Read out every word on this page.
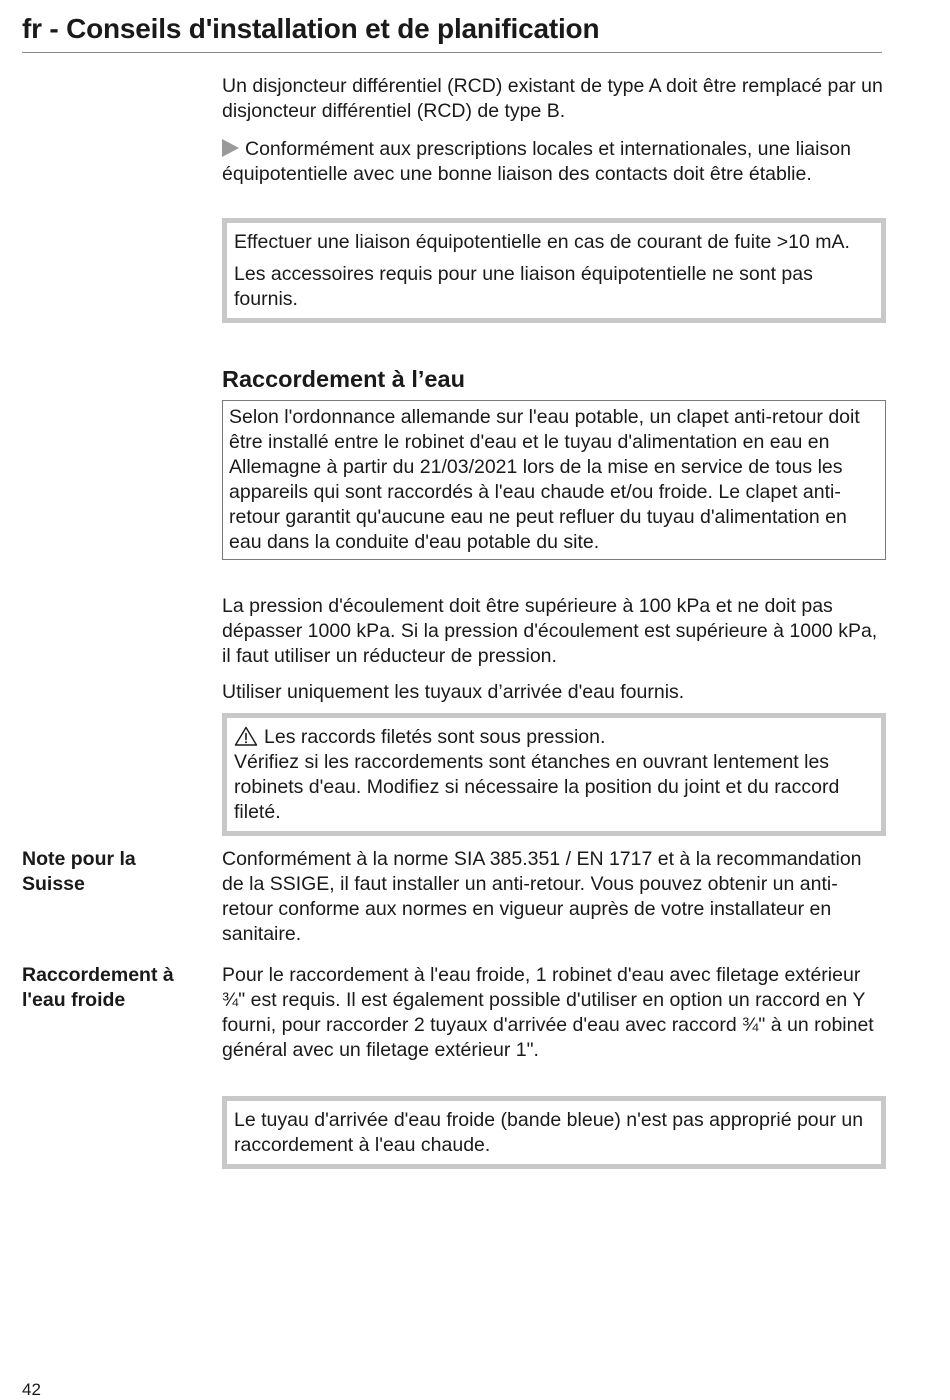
fr - Conseils d'installation et de planification

Un disjoncteur différentiel (RCD) existant de type A doit être remplacé par un disjoncteur différentiel (RCD) de type B.

Conformément aux prescriptions locales et internationales, une liaison équipotentielle avec une bonne liaison des contacts doit être établie.

Effectuer une liaison équipotentielle en cas de courant de fuite >10 mA.

Les accessoires requis pour une liaison équipotentielle ne sont pas fournis.

Raccordement à l’eau
Selon l'ordonnance allemande sur l'eau potable, un clapet anti-retour doit être installé entre le robinet d'eau et le tuyau d'alimentation en eau en Allemagne à partir du 21/03/2021 lors de la mise en service de tous les appareils qui sont raccordés à l'eau chaude et/ou froide. Le clapet anti-retour garantit qu'aucune eau ne peut refluer du tuyau d'alimentation en eau dans la conduite d'eau potable du site.

La pression d'écoulement doit être supérieure à 100 kPa et ne doit pas dépasser 1000 kPa. Si la pression d'écoulement est supérieure à 1000 kPa, il faut utiliser un réducteur de pression.

Utiliser uniquement les tuyaux d’arrivée d'eau fournis.

Les raccords filetés sont sous pression.

Vérifiez si les raccordements sont étanches en ouvrant lentement les robinets d'eau. Modifiez si nécessaire la position du joint et du raccord fileté.

Note pour la Suisse

Conformément à la norme SIA 385.351 / EN 1717 et à la recommandation de la SSIGE, il faut installer un anti-retour. Vous pouvez obtenir un anti-retour conforme aux normes en vigueur auprès de votre installateur en sanitaire.

Raccordement à l'eau froide

Pour le raccordement à l'eau froide, 1 robinet d'eau avec filetage extérieur ¾" est requis. Il est également possible d'utiliser en option un raccord en Y fourni, pour raccorder 2 tuyaux d'arrivée d'eau avec raccord ¾" à un robinet général avec un filetage extérieur 1".

Le tuyau d'arrivée d'eau froide (bande bleue) n'est pas approprié pour un raccordement à l'eau chaude.

42
